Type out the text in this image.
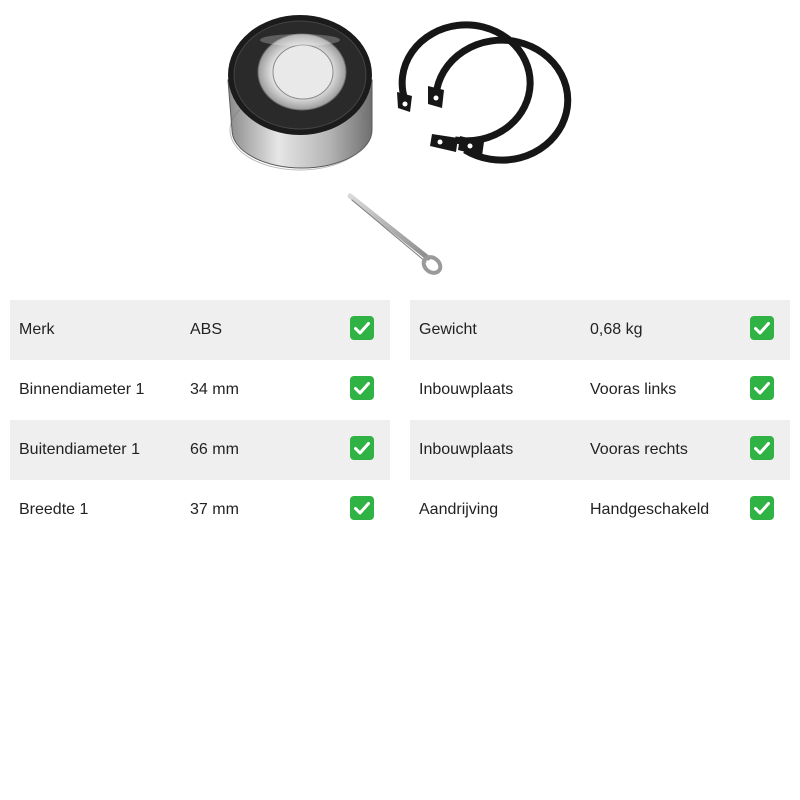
Merk	ABS
Binnendiameter 1	34 mm
Buitendiameter 1	66 mm
Breedte 1	37 mm
Gewicht	0,68 kg
Inbouwplaats	Vooras links
Inbouwplaats	Vooras rechts
Aandrijving	Handgeschakeld
